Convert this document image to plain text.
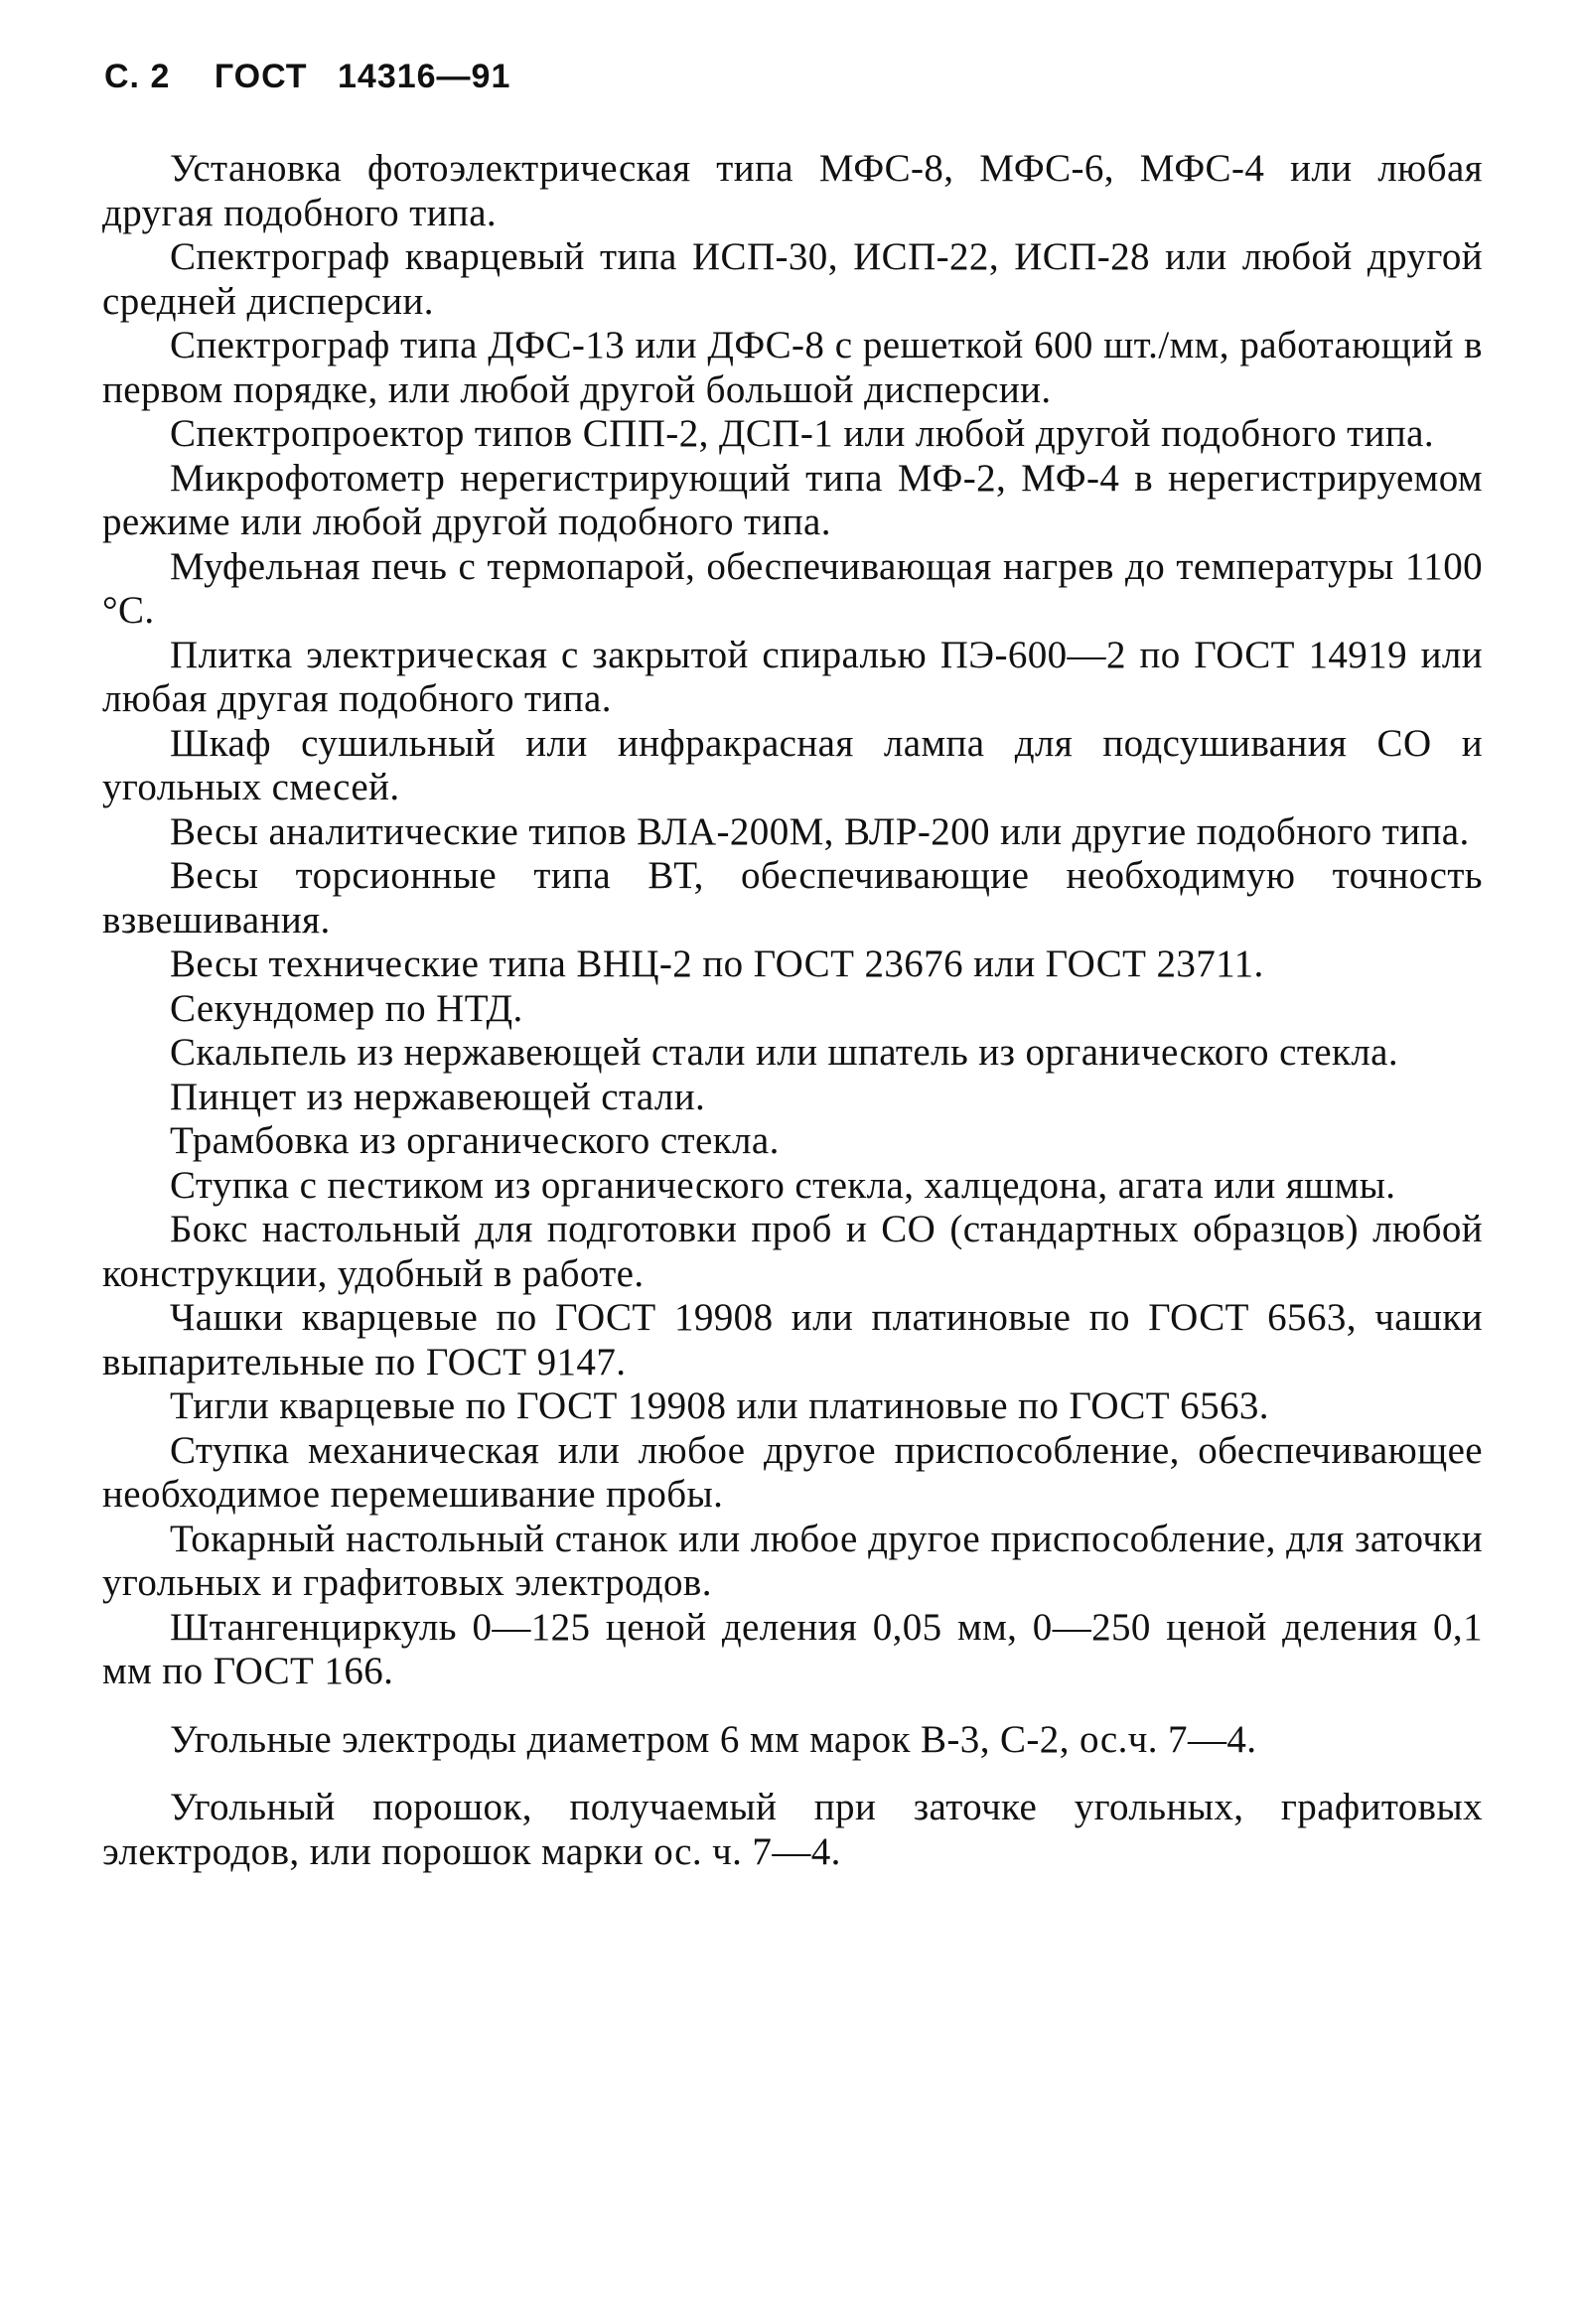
С. 2 ГОСТ 14316—91

Установка фотоэлектрическая типа МФС-8, МФС-6, МФС-4 или любая другая подобного типа.

Спектрограф кварцевый типа ИСП-30, ИСП-22, ИСП-28 или любой другой средней дисперсии.

Спектрограф типа ДФС-13 или ДФС-8 с решеткой 600 шт./мм, работающий в первом порядке, или любой другой большой дисперсии.

Спектропроектор типов СПП-2, ДСП-1 или любой другой подобного типа.

Микрофотометр нерегистрирующий типа МФ-2, МФ-4 в нерегистрируемом режиме или любой другой подобного типа.

Муфельная печь с термопарой, обеспечивающая нагрев до температуры 1100 °С.

Плитка электрическая с закрытой спиралью ПЭ-600—2 по ГОСТ 14919 или любая другая подобного типа.

Шкаф сушильный или инфракрасная лампа для подсушивания СО и угольных смесей.

Весы аналитические типов ВЛА-200М, ВЛР-200 или другие подобного типа.

Весы торсионные типа ВТ, обеспечивающие необходимую точность взвешивания.

Весы технические типа ВНЦ-2 по ГОСТ 23676 или ГОСТ 23711.

Секундомер по НТД.

Скальпель из нержавеющей стали или шпатель из органического стекла.

Пинцет из нержавеющей стали.

Трамбовка из органического стекла.

Ступка с пестиком из органического стекла, халцедона, агата или яшмы.

Бокс настольный для подготовки проб и СО (стандартных образцов) любой конструкции, удобный в работе.

Чашки кварцевые по ГОСТ 19908 или платиновые по ГОСТ 6563, чашки выпарительные по ГОСТ 9147.

Тигли кварцевые по ГОСТ 19908 или платиновые по ГОСТ 6563.

Ступка механическая или любое другое приспособление, обеспечивающее необходимое перемешивание пробы.

Токарный настольный станок или любое другое приспособление, для заточки угольных и графитовых электродов.

Штангенциркуль 0—125 ценой деления 0,05 мм, 0—250 ценой деления 0,1 мм по ГОСТ 166.

Угольные электроды диаметром 6 мм марок В-3, С-2, ос.ч. 7—4.

Угольный порошок, получаемый при заточке угольных, графитовых электродов, или порошок марки ос. ч. 7—4.
